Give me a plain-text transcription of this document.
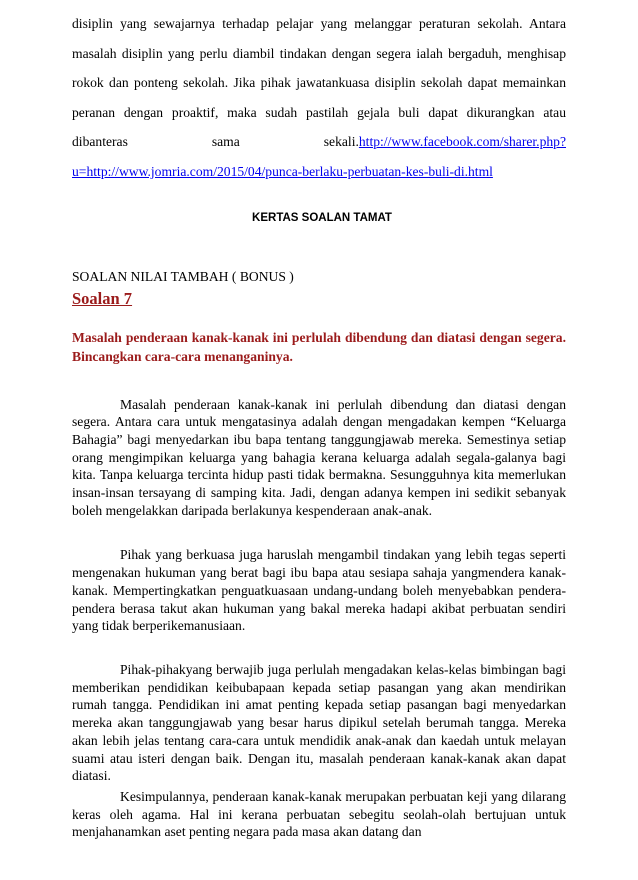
disiplin yang sewajarnya terhadap pelajar yang melanggar peraturan sekolah. Antara masalah disiplin yang perlu diambil tindakan dengan segera ialah bergaduh, menghisap rokok dan ponteng sekolah. Jika pihak jawatankuasa disiplin sekolah dapat memainkan peranan dengan proaktif, maka sudah pastilah gejala buli dapat dikurangkan atau dibanteras sama sekali.http://www.facebook.com/sharer.php?u=http://www.jomria.com/2015/04/punca-berlaku-perbuatan-kes-buli-di.html
KERTAS SOALAN TAMAT
SOALAN NILAI TAMBAH ( BONUS )
Soalan 7
Masalah penderaan kanak-kanak ini perlulah dibendung dan diatasi dengan segera.   Bincangkan cara-cara menanganinya.

Masalah penderaan kanak-kanak ini perlulah dibendung dan diatasi dengan segera. Antara cara untuk mengatasinya adalah dengan mengadakan kempen “Keluarga Bahagia” bagi menyedarkan ibu bapa tentang tanggungjawab mereka. Semestinya setiap orang mengimpikan keluarga yang bahagia kerana keluarga adalah segala-galanya bagi kita. Tanpa keluarga tercinta hidup pasti tidak bermakna. Sesungguhnya kita memerlukan insan-insan tersayang di samping kita. Jadi, dengan adanya kempen ini sedikit sebanyak boleh mengelakkan daripada berlakunya kespenderaan anak-anak.

Pihak yang berkuasa juga haruslah mengambil tindakan yang lebih tegas seperti mengenakan hukuman yang berat bagi ibu bapa atau sesiapa sahaja yangmendera kanak-kanak. Mempertingkatkan penguatkuasaan undang-undang boleh menyebabkan pendera-pendera berasa takut akan hukuman yang bakal mereka hadapi akibat perbuatan sendiri yang tidak berperikemanusiaan.

Pihak-pihakyang berwajib juga perlulah mengadakan kelas-kelas bimbingan bagi memberikan pendidikan keibubapaan kepada setiap pasangan yang akan mendirikan rumah tangga. Pendidikan ini amat penting kepada setiap pasangan bagi menyedarkan mereka akan tanggungjawab yang besar harus dipikul setelah berumah tangga. Mereka akan lebih jelas tentang cara-cara untuk mendidik anak-anak dan kaedah untuk melayan suami atau isteri dengan baik. Dengan itu, masalah penderaan kanak-kanak akan dapat diatasi.

Kesimpulannya, penderaan kanak-kanak merupakan perbuatan keji yang dilarang keras oleh agama. Hal ini kerana perbuatan sebegitu seolah-olah bertujuan untuk menjahanamkan aset penting negara pada masa akan datang dan
